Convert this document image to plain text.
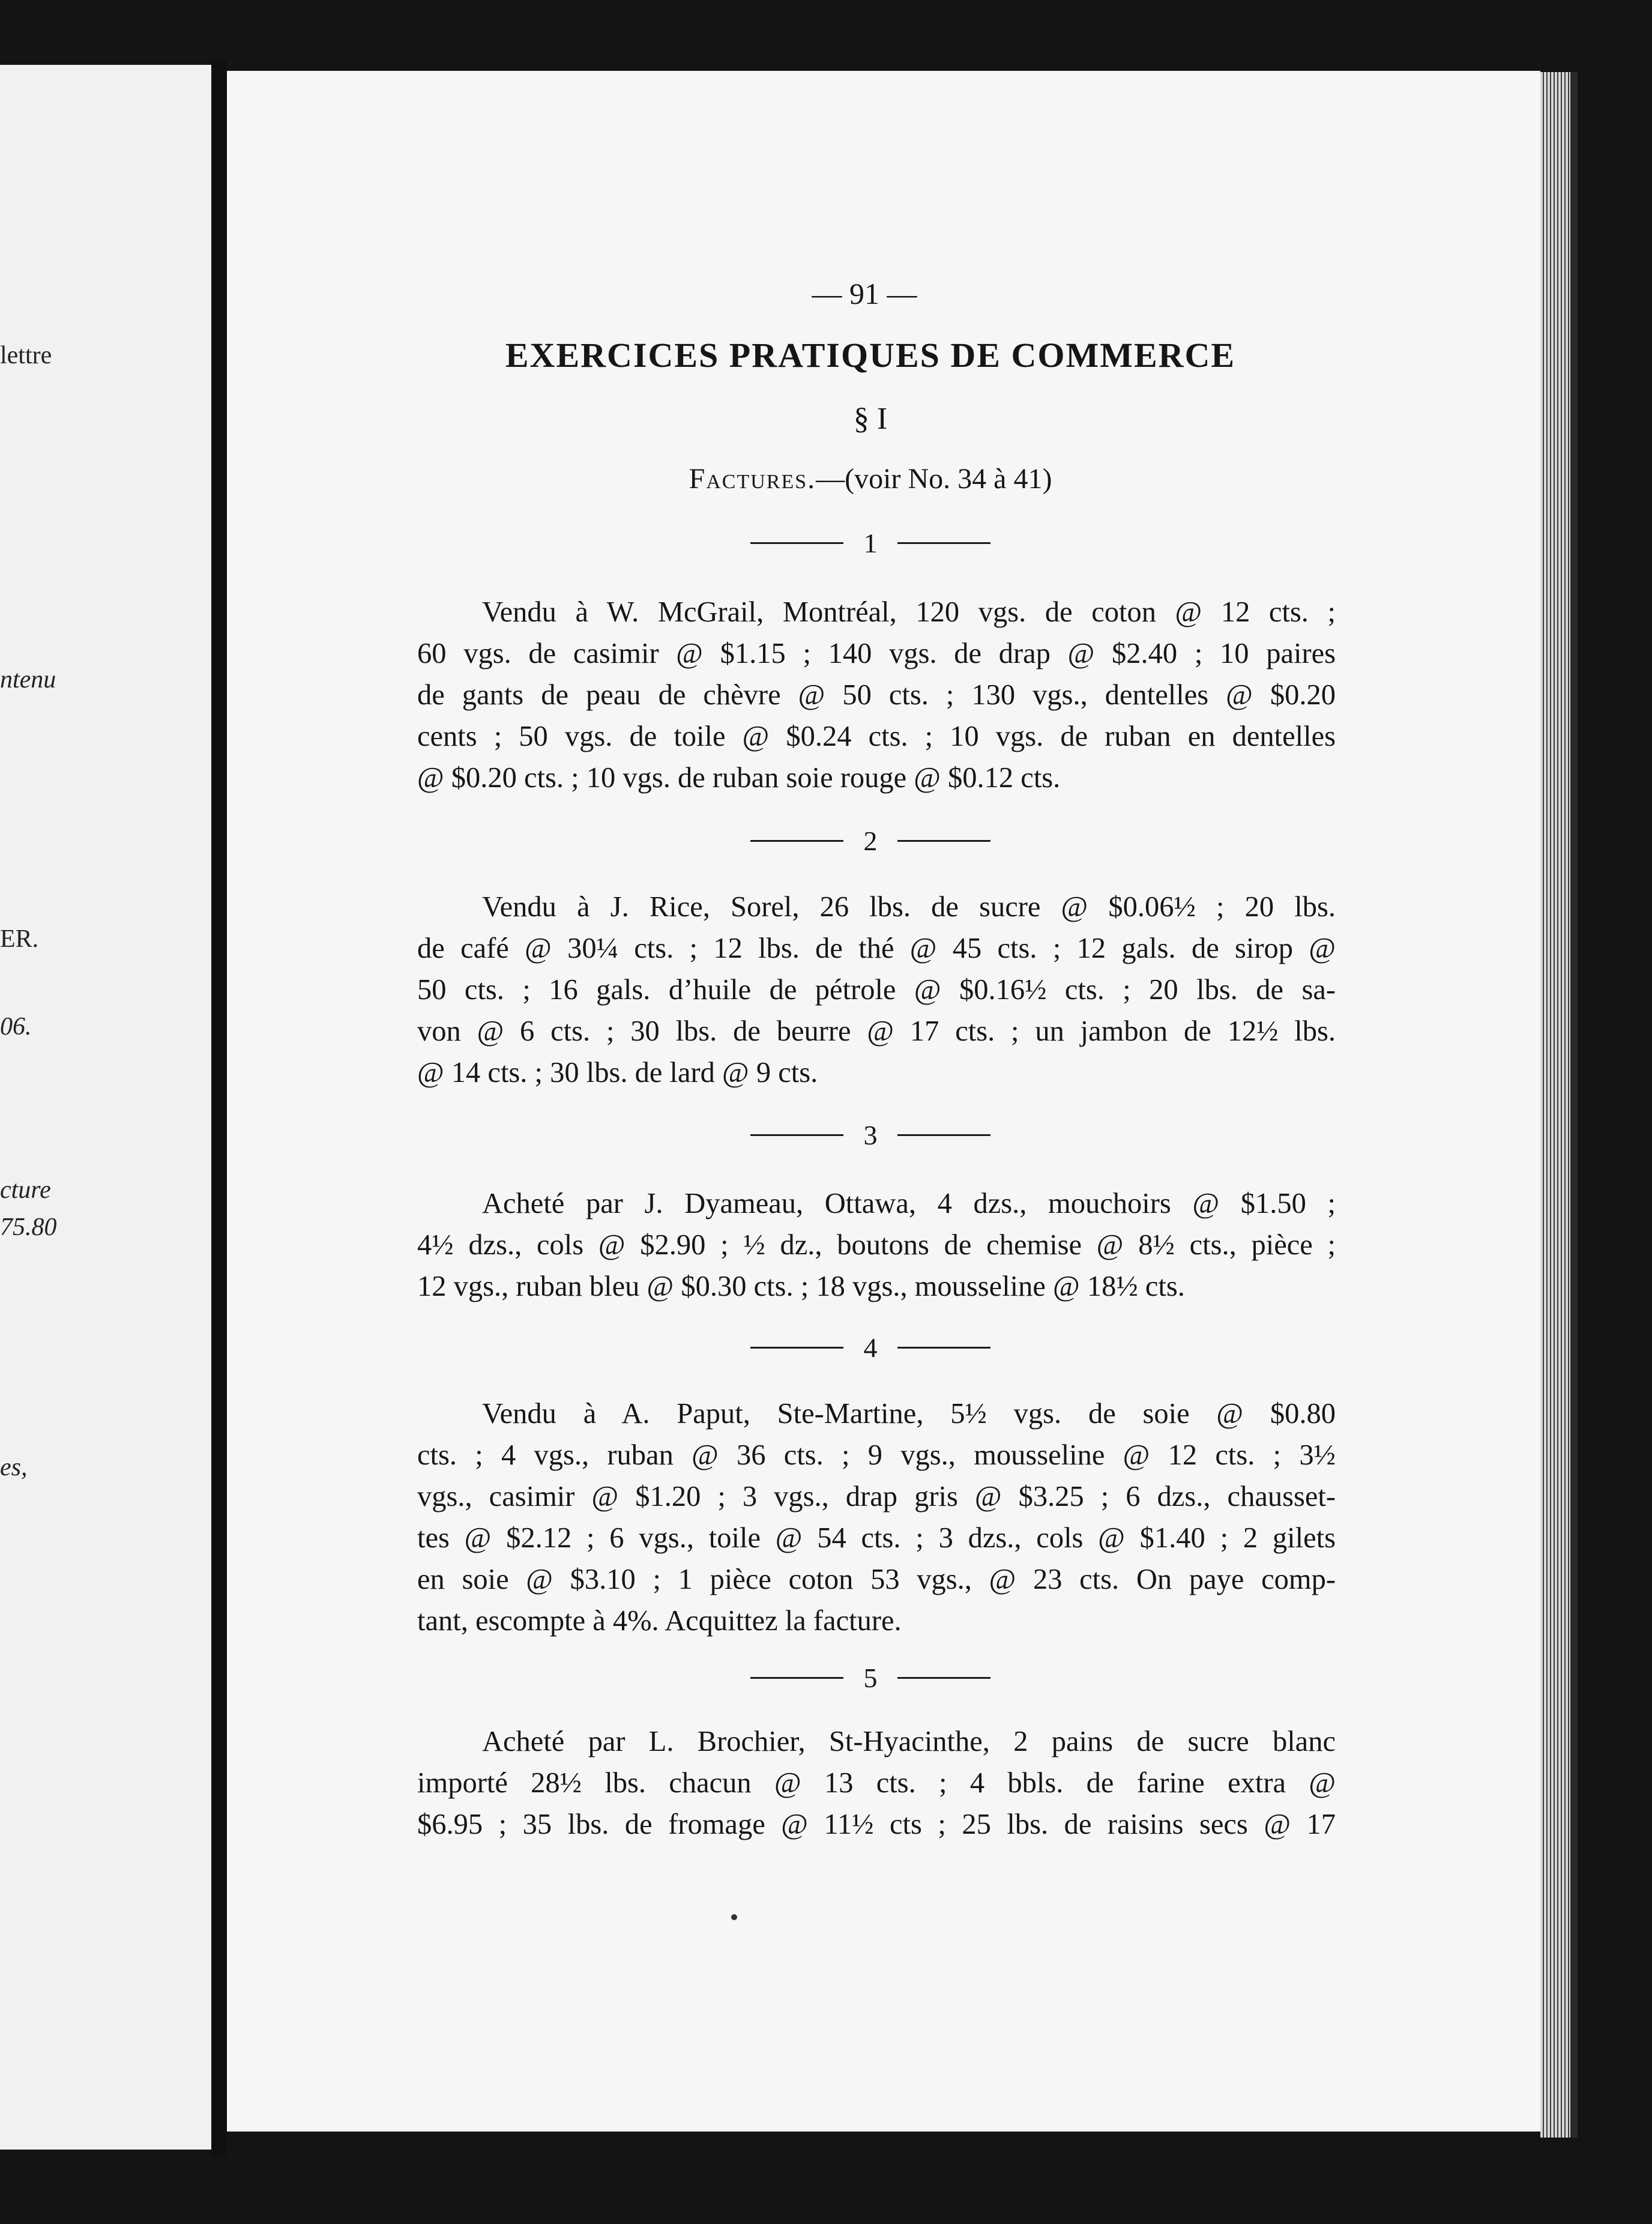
lettre
ntenu
ER.
06.
cture
75.80
es,
— 91 —
EXERCICES PRATIQUES DE COMMERCE
§ I
Factures.—(voir No. 34 à 41)
1
Vendu à W. McGrail, Montréal, 120 vgs. de coton @ 12 cts. ;
60 vgs. de casimir @ $1.15 ; 140 vgs. de drap @ $2.40 ; 10 paires
de gants de peau de chèvre @ 50 cts. ; 130 vgs., dentelles @ $0.20
cents ; 50 vgs. de toile @ $0.24 cts. ; 10 vgs. de ruban en dentelles
@ $0.20 cts. ; 10 vgs. de ruban soie rouge @ $0.12 cts.
2
Vendu à J. Rice, Sorel, 26 lbs. de sucre @ $0.06½ ; 20 lbs.
de café @ 30¼ cts. ; 12 lbs. de thé @ 45 cts. ; 12 gals. de sirop @
50 cts. ; 16 gals. d’huile de pétrole @ $0.16½ cts. ; 20 lbs. de sa-
von @ 6 cts. ; 30 lbs. de beurre @ 17 cts. ; un jambon de 12½ lbs.
@ 14 cts. ; 30 lbs. de lard @ 9 cts.
3
Acheté par J. Dyameau, Ottawa, 4 dzs., mouchoirs @ $1.50 ;
4½ dzs., cols @ $2.90 ; ½ dz., boutons de chemise @ 8½ cts., pièce ;
12 vgs., ruban bleu @ $0.30 cts. ; 18 vgs., mousseline @ 18½ cts.
4
Vendu à A. Paput, Ste-Martine, 5½ vgs. de soie @ $0.80
cts. ; 4 vgs., ruban @ 36 cts. ; 9 vgs., mousseline @ 12 cts. ; 3½
vgs., casimir @ $1.20 ; 3 vgs., drap gris @ $3.25 ; 6 dzs., chausset-
tes @ $2.12 ; 6 vgs., toile @ 54 cts. ; 3 dzs., cols @ $1.40 ; 2 gilets
en soie @ $3.10 ; 1 pièce coton 53 vgs., @ 23 cts. On paye comp-
tant, escompte à 4%. Acquittez la facture.
5
Acheté par L. Brochier, St-Hyacinthe, 2 pains de sucre blanc
importé 28½ lbs. chacun @ 13 cts. ; 4 bbls. de farine extra @
$6.95 ; 35 lbs. de fromage @ 11½ cts ; 25 lbs. de raisins secs @ 17
